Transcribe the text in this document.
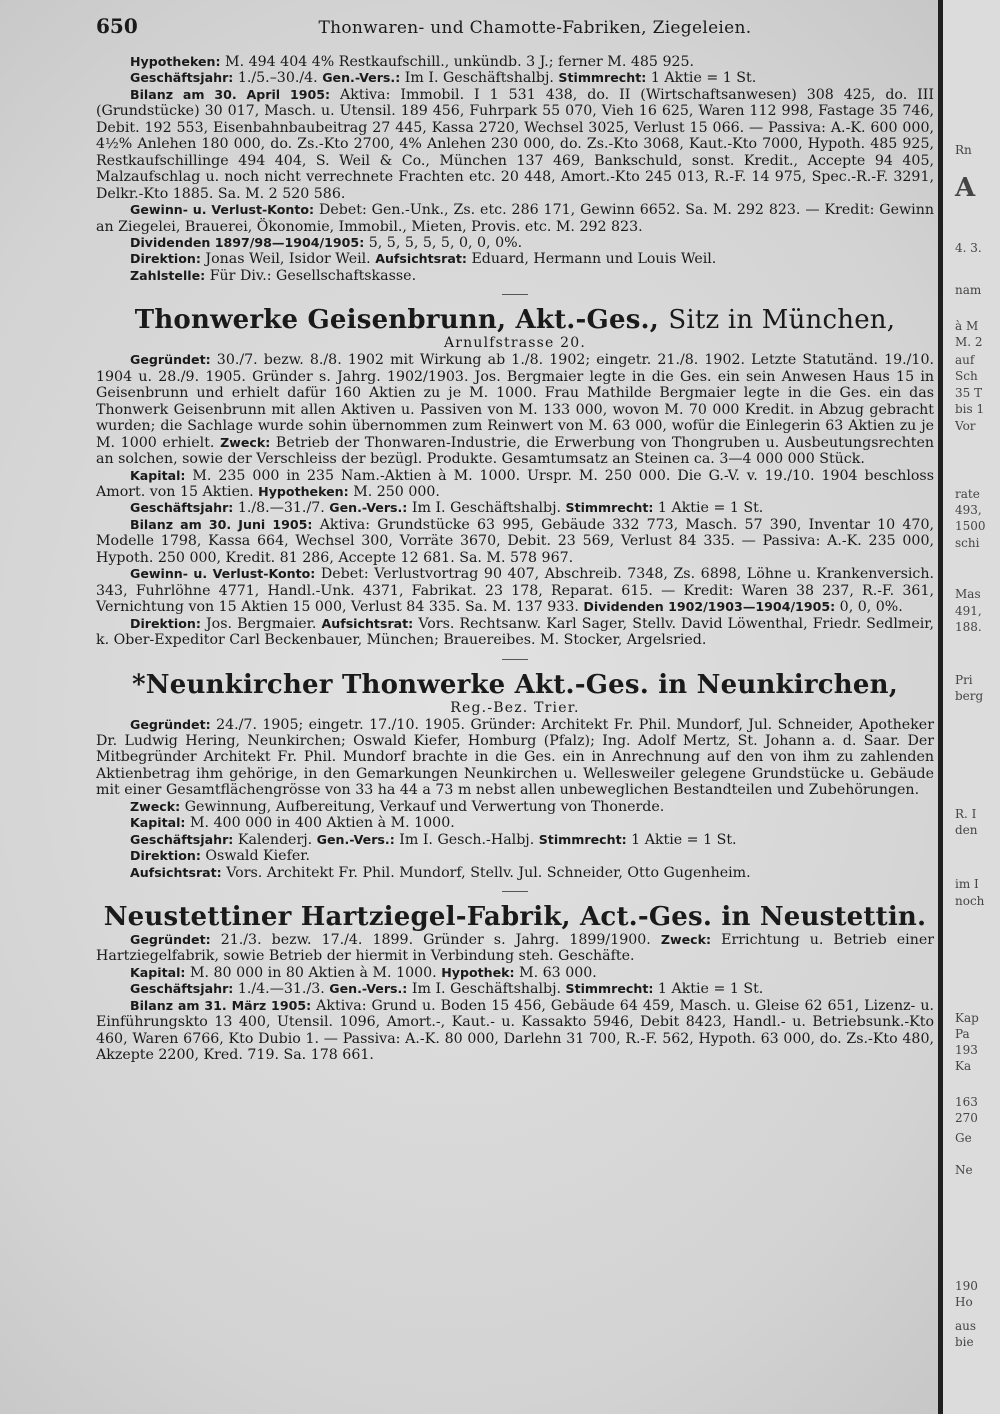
650	Thonwaren- und Chamotte-Fabriken, Ziegeleien.

Hypotheken: M. 494 404 4% Restkaufschill., unkündb. 3 J.; ferner M. 485 925.

Geschäftsjahr: 1./5.–30./4. Gen.-Vers.: Im I. Geschäftshalbj. Stimmrecht: 1 Aktie = 1 St.

Bilanz am 30. April 1905: Aktiva: Immobil. I 1 531 438, do. II (Wirtschaftsanwesen) 308 425, do. III (Grundstücke) 30 017, Masch. u. Utensil. 189 456, Fuhrpark 55 070, Vieh 16 625, Waren 112 998, Fastage 35 746, Debit. 192 553, Eisenbahnbaubeitrag 27 445, Kassa 2720, Wechsel 3025, Verlust 15 066. — Passiva: A.-K. 600 000, 4½% Anlehen 180 000, do. Zs.-Kto 2700, 4% Anlehen 230 000, do. Zs.-Kto 3068, Kaut.-Kto 7000, Hypoth. 485 925, Restkaufschillinge 494 404, S. Weil & Co., München 137 469, Bankschuld, sonst. Kredit., Accepte 94 405, Malzaufschlag u. noch nicht verrechnete Frachten etc. 20 448, Amort.-Kto 245 013, R.-F. 14 975, Spec.-R.-F. 3291, Delkr.-Kto 1885. Sa. M. 2 520 586.

Gewinn- u. Verlust-Konto: Debet: Gen.-Unk., Zs. etc. 286 171, Gewinn 6652. Sa. M. 292 823. — Kredit: Gewinn an Ziegelei, Brauerei, Ökonomie, Immobil., Mieten, Provis. etc. M. 292 823.

Dividenden 1897/98—1904/1905: 5, 5, 5, 5, 5, 0, 0, 0%.

Direktion: Jonas Weil, Isidor Weil. Aufsichtsrat: Eduard, Hermann und Louis Weil.

Zahlstelle: Für Div.: Gesellschaftskasse.

Thonwerke Geisenbrunn, Akt.-Ges., Sitz in München,
Arnulfstrasse 20.

Gegründet: 30./7. bezw. 8./8. 1902 mit Wirkung ab 1./8. 1902; eingetr. 21./8. 1902. Letzte Statutänd. 19./10. 1904 u. 28./9. 1905. Gründer s. Jahrg. 1902/1903. Jos. Bergmaier legte in die Ges. ein sein Anwesen Haus 15 in Geisenbrunn und erhielt dafür 160 Aktien zu je M. 1000. Frau Mathilde Bergmaier legte in die Ges. ein das Thonwerk Geisenbrunn mit allen Aktiven u. Passiven von M. 133 000, wovon M. 70 000 Kredit. in Abzug gebracht wurden; die Sachlage wurde sohin übernommen zum Reinwert von M. 63 000, wofür die Einlegerin 63 Aktien zu je M. 1000 erhielt. Zweck: Betrieb der Thonwaren-Industrie, die Erwerbung von Thongruben u. Ausbeutungsrechten an solchen, sowie der Verschleiss der bezügl. Produkte. Gesamtumsatz an Steinen ca. 3—4 000 000 Stück.

Kapital: M. 235 000 in 235 Nam.-Aktien à M. 1000. Urspr. M. 250 000. Die G.-V. v. 19./10. 1904 beschloss Amort. von 15 Aktien. Hypotheken: M. 250 000.

Geschäftsjahr: 1./8.—31./7. Gen.-Vers.: Im I. Geschäftshalbj. Stimmrecht: 1 Aktie = 1 St.

Bilanz am 30. Juni 1905: Aktiva: Grundstücke 63 995, Gebäude 332 773, Masch. 57 390, Inventar 10 470, Modelle 1798, Kassa 664, Wechsel 300, Vorräte 3670, Debit. 23 569, Verlust 84 335. — Passiva: A.-K. 235 000, Hypoth. 250 000, Kredit. 81 286, Accepte 12 681. Sa. M. 578 967.

Gewinn- u. Verlust-Konto: Debet: Verlustvortrag 90 407, Abschreib. 7348, Zs. 6898, Löhne u. Krankenversich. 343, Fuhrlöhne 4771, Handl.-Unk. 4371, Fabrikat. 23 178, Reparat. 615. — Kredit: Waren 38 237, R.-F. 361, Vernichtung von 15 Aktien 15 000, Verlust 84 335. Sa. M. 137 933. Dividenden 1902/1903—1904/1905: 0, 0, 0%.

Direktion: Jos. Bergmaier. Aufsichtsrat: Vors. Rechtsanw. Karl Sager, Stellv. David Löwenthal, Friedr. Sedlmeir, k. Ober-Expeditor Carl Beckenbauer, München; Brauereibes. M. Stocker, Argelsried.

*Neunkircher Thonwerke Akt.-Ges. in Neunkirchen,
Reg.-Bez. Trier.

Gegründet: 24./7. 1905; eingetr. 17./10. 1905. Gründer: Architekt Fr. Phil. Mundorf, Jul. Schneider, Apotheker Dr. Ludwig Hering, Neunkirchen; Oswald Kiefer, Homburg (Pfalz); Ing. Adolf Mertz, St. Johann a. d. Saar. Der Mitbegründer Architekt Fr. Phil. Mundorf brachte in die Ges. ein in Anrechnung auf den von ihm zu zahlenden Aktienbetrag ihm gehörige, in den Gemarkungen Neunkirchen u. Wellesweiler gelegene Grundstücke u. Gebäude mit einer Gesamtflächengrösse von 33 ha 44 a 73 m nebst allen unbeweglichen Bestandteilen und Zubehörungen.

Zweck: Gewinnung, Aufbereitung, Verkauf und Verwertung von Thonerde.

Kapital: M. 400 000 in 400 Aktien à M. 1000.

Geschäftsjahr: Kalenderj. Gen.-Vers.: Im I. Gesch.-Halbj. Stimmrecht: 1 Aktie = 1 St.

Direktion: Oswald Kiefer.

Aufsichtsrat: Vors. Architekt Fr. Phil. Mundorf, Stellv. Jul. Schneider, Otto Gugenheim.

Neustettiner Hartziegel-Fabrik, Act.-Ges. in Neustettin.

Gegründet: 21./3. bezw. 17./4. 1899. Gründer s. Jahrg. 1899/1900. Zweck: Errichtung u. Betrieb einer Hartziegelfabrik, sowie Betrieb der hiermit in Verbindung steh. Geschäfte.

Kapital: M. 80 000 in 80 Aktien à M. 1000. Hypothek: M. 63 000.

Geschäftsjahr: 1./4.—31./3. Gen.-Vers.: Im I. Geschäftshalbj. Stimmrecht: 1 Aktie = 1 St.

Bilanz am 31. März 1905: Aktiva: Grund u. Boden 15 456, Gebäude 64 459, Masch. u. Gleise 62 651, Lizenz- u. Einführungskto 13 400, Utensil. 1096, Amort.-, Kaut.- u. Kassakto 5946, Debit 8423, Handl.- u. Betriebsunk.-Kto 460, Waren 6766, Kto Dubio 1. — Passiva: A.-K. 80 000, Darlehn 31 700, R.-F. 562, Hypoth. 63 000, do. Zs.-Kto 480, Akzepte 2200, Kred. 719. Sa. 178 661.

Rn
A
4. 3.
nam
à M
M. 2
auf
Sch
35 T
bis 1
Vor
rate
493,
1500
schi
Mas
491,
188.
Pri
berg
R. I
den
im I
noch
Kap
Pa
193
Ka
163
270
Ge
Ne
190
Ho
aus
bie
